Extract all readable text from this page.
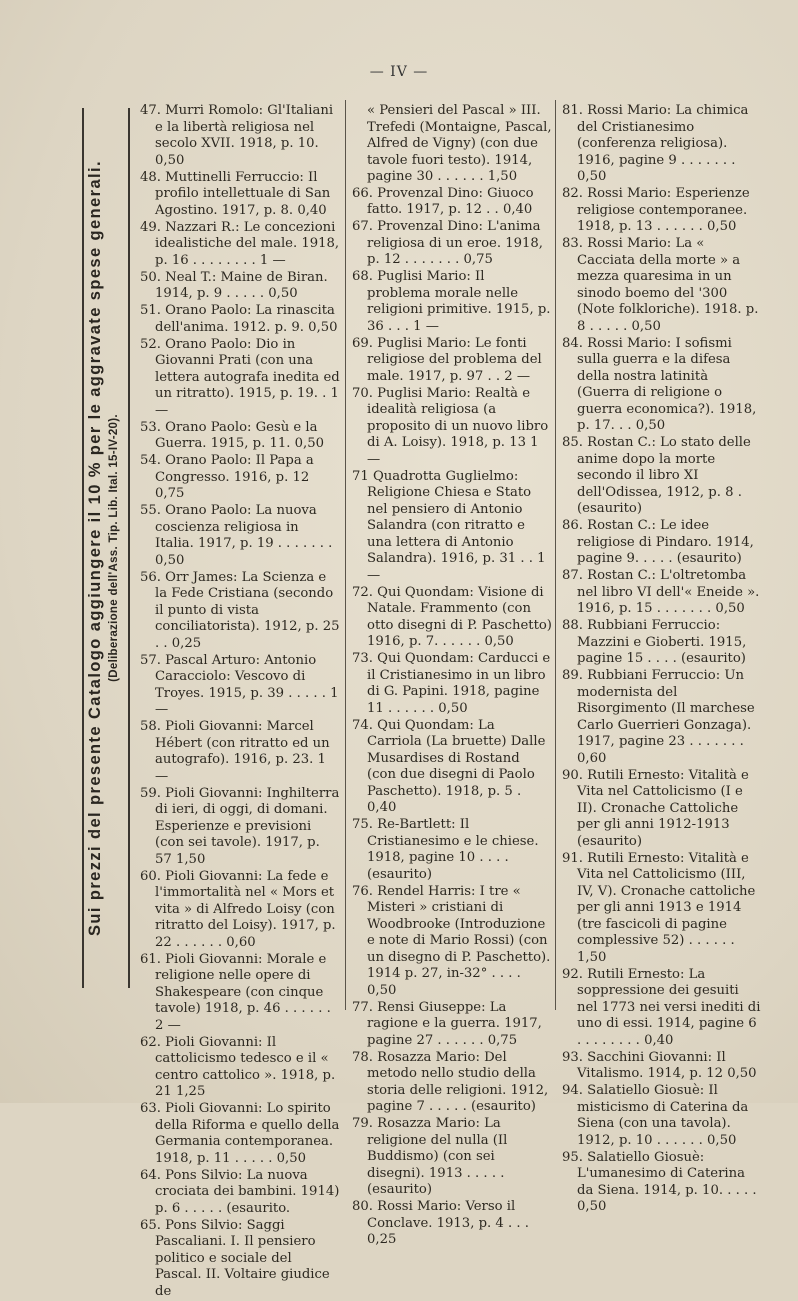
— IV —
Sui prezzi del presente Catalogo aggiungere il 10 % per le aggravate spese generali. (Deliberazione dell'Ass. Tip. Lib. Ital. 15-IV-20).
47. Murri Romolo: Gl'Italiani e la libertà religiosa nel secolo XVII. 1918, p. 10. 0,50
48. Muttinelli Ferruccio: Il profilo intellettuale di San Agostino. 1917, p. 8. 0,40
49. Nazzari R.: Le concezioni idealistiche del male. 1918, p. 16 . . . . . . . . 1 —
50. Neal T.: Maine de Biran. 1914, p. 9 . . . . . 0,50
51. Orano Paolo: La rinascita dell'anima. 1912. p. 9. 0,50
52. Orano Paolo: Dio in Giovanni Prati (con una lettera autografa inedita ed un ritratto). 1915, p. 19. . 1 —
53. Orano Paolo: Gesù e la Guerra. 1915, p. 11. 0,50
54. Orano Paolo: Il Papa a Congresso. 1916, p. 12 0,75
55. Orano Paolo: La nuova coscienza religiosa in Italia. 1917, p. 19 . . . . . . . 0,50
56. Orr James: La Scienza e la Fede Cristiana (secondo il punto di vista conciliatorista). 1912, p. 25 . . 0,25
57. Pascal Arturo: Antonio Caracciolo: Vescovo di Troyes. 1915, p. 39 . . . . . 1 —
58. Pioli Giovanni: Marcel Hébert (con ritratto ed un autografo). 1916, p. 23. 1 —
59. Pioli Giovanni: Inghilterra di ieri, di oggi, di domani. Esperienze e previsioni (con sei tavole). 1917, p. 57 1,50
60. Pioli Giovanni: La fede e l'immortalità nel « Mors et vita » di Alfredo Loisy (con ritratto del Loisy). 1917, p. 22 . . . . . . 0,60
61. Pioli Giovanni: Morale e religione nelle opere di Shakespeare (con cinque tavole) 1918, p. 46 . . . . . . 2 —
62. Pioli Giovanni: Il cattolicismo tedesco e il « centro cattolico ». 1918, p. 21 1,25
63. Pioli Giovanni: Lo spirito della Riforma e quello della Germania contemporanea. 1918, p. 11 . . . . . 0,50
64. Pons Silvio: La nuova crociata dei bambini. 1914) p. 6 . . . . . (esaurito.
65. Pons Silvio: Saggi Pascaliani. I. Il pensiero politico e sociale del Pascal. II. Voltaire giudice de
« Pensieri del Pascal » III. Trefedi (Montaigne, Pascal, Alfred de Vigny) (con due tavole fuori testo). 1914, pagine 30 . . . . . . 1,50
66. Provenzal Dino: Giuoco fatto. 1917, p. 12 . . 0,40
67. Provenzal Dino: L'anima religiosa di un eroe. 1918, p. 12 . . . . . . . 0,75
68. Puglisi Mario: Il problema morale nelle religioni primitive. 1915, p. 36 . . . 1 —
69. Puglisi Mario: Le fonti religiose del problema del male. 1917, p. 97 . . 2 —
70. Puglisi Mario: Realtà e idealità religiosa (a proposito di un nuovo libro di A. Loisy). 1918, p. 13 1 —
71 Quadrotta Guglielmo: Religione Chiesa e Stato nel pensiero di Antonio Salandra (con ritratto e una lettera di Antonio Salandra). 1916, p. 31 . . 1 —
72. Qui Quondam: Visione di Natale. Frammento (con otto disegni di P. Paschetto) 1916, p. 7. . . . . . 0,50
73. Qui Quondam: Carducci e il Cristianesimo in un libro di G. Papini. 1918, pagine 11 . . . . . . 0,50
74. Qui Quondam: La Carriola (La bruette) Dalle Musardises di Rostand (con due disegni di Paolo Paschetto). 1918, p. 5 . 0,40
75. Re-Bartlett: Il Cristianesimo e le chiese. 1918, pagine 10 . . . . (esaurito)
76. Rendel Harris: I tre « Misteri » cristiani di Woodbrooke (Introduzione e note di Mario Rossi) (con un disegno di P. Paschetto). 1914 p. 27, in-32° . . . . 0,50
77. Rensi Giuseppe: La ragione e la guerra. 1917, pagine 27 . . . . . . 0,75
78. Rosazza Mario: Del metodo nello studio della storia delle religioni. 1912, pagine 7 . . . . . (esaurito)
79. Rosazza Mario: La religione del nulla (Il Buddismo) (con sei disegni). 1913 . . . . . (esaurito)
80. Rossi Mario: Verso il Conclave. 1913, p. 4 . . . 0,25
81. Rossi Mario: La chimica del Cristianesimo (conferenza religiosa). 1916, pagine 9 . . . . . . . 0,50
82. Rossi Mario: Esperienze religiose contemporanee. 1918, p. 13 . . . . . . 0,50
83. Rossi Mario: La « Cacciata della morte » a mezza quaresima in un sinodo boemo del '300 (Note folkloriche). 1918. p. 8 . . . . . 0,50
84. Rossi Mario: I sofismi sulla guerra e la difesa della nostra latinità (Guerra di religione o guerra economica?). 1918, p. 17. . . 0,50
85. Rostan C.: Lo stato delle anime dopo la morte secondo il libro XI dell'Odissea, 1912, p. 8 . (esaurito)
86. Rostan C.: Le idee religiose di Pindaro. 1914, pagine 9. . . . . (esaurito)
87. Rostan C.: L'oltretomba nel libro VI dell'« Eneide ». 1916, p. 15 . . . . . . . 0,50
88. Rubbiani Ferruccio: Mazzini e Gioberti. 1915, pagine 15 . . . . (esaurito)
89. Rubbiani Ferruccio: Un modernista del Risorgimento (Il marchese Carlo Guerrieri Gonzaga). 1917, pagine 23 . . . . . . . 0,60
90. Rutili Ernesto: Vitalità e Vita nel Cattolicismo (I e II). Cronache Cattoliche per gli anni 1912-1913 (esaurito)
91. Rutili Ernesto: Vitalità e Vita nel Cattolicismo (III, IV, V). Cronache cattoliche per gli anni 1913 e 1914 (tre fascicoli di pagine complessive 52) . . . . . . 1,50
92. Rutili Ernesto: La soppressione dei gesuiti nel 1773 nei versi inediti di uno di essi. 1914, pagine 6 . . . . . . . . 0,40
93. Sacchini Giovanni: Il Vitalismo. 1914, p. 12 0,50
94. Salatiello Giosuè: Il misticismo di Caterina da Siena (con una tavola). 1912, p. 10 . . . . . . 0,50
95. Salatiello Giosuè: L'umanesimo di Caterina da Siena. 1914, p. 10. . . . . 0,50
